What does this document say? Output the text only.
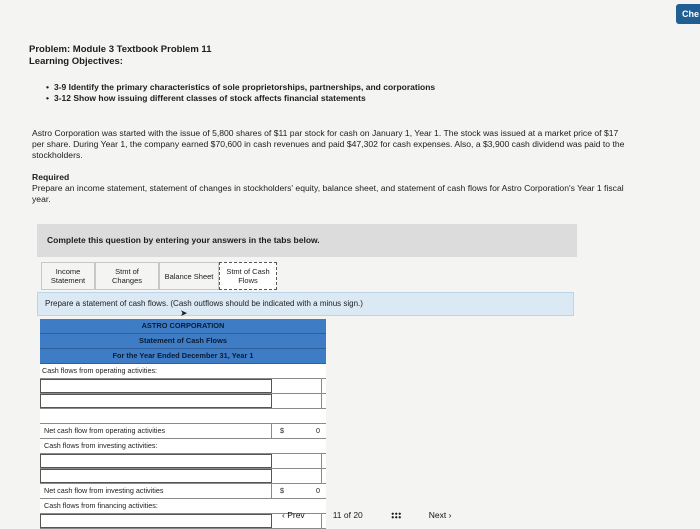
Che
Problem: Module 3 Textbook Problem 11
Learning Objectives:
• 3-9 Identify the primary characteristics of sole proprietorships, partnerships, and corporations
• 3-12 Show how issuing different classes of stock affects financial statements
Astro Corporation was started with the issue of 5,800 shares of $11 par stock for cash on January 1, Year 1. The stock was issued at a market price of $17 per share. During Year 1, the company earned $70,600 in cash revenues and paid $47,302 for cash expenses. Also, a $3,900 cash dividend was paid to the stockholders.
Required
Prepare an income statement, statement of changes in stockholders' equity, balance sheet, and statement of cash flows for Astro Corporation's Year 1 fiscal year.
Complete this question by entering your answers in the tabs below.
Income
Statement
Stmt of
Changes	Balance Sheet Stmt of Cash
Flows
Prepare a statement of cash flows. (Cash outflows should be indicated with a minus sign.)
➤
ASTRO CORPORATION
Statement of Cash Flows
For the Year Ended December 31, Year 1
Cash flows from operating activities:
Net cash flow from operating activities	$	0
Cash flows from investing activities:
Net cash flow from investing activities	$	0
Cash flows from financing activities:
‹ Prev	11 of 20	Next ›
